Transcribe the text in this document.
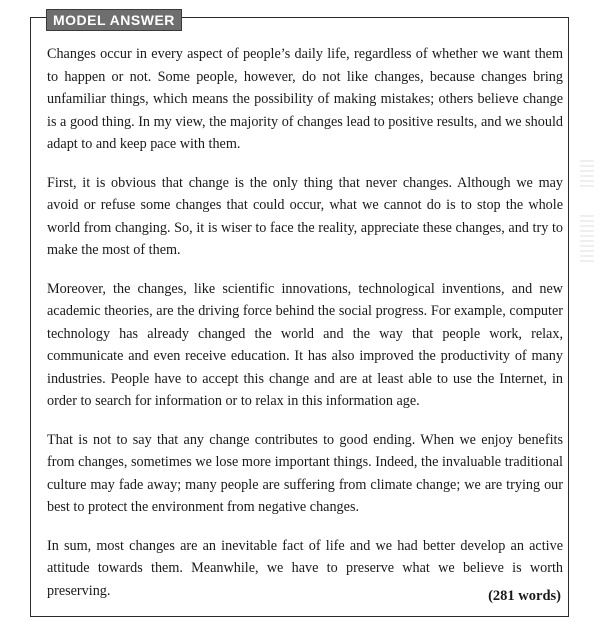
MODEL ANSWER

Changes occur in every aspect of people’s daily life, regardless of whether we want them to happen or not. Some people, however, do not like changes, because changes bring unfamiliar things, which means the possibility of making mistakes; others believe change is a good thing. In my view, the majority of changes lead to positive results, and we should adapt to and keep pace with them.

First, it is obvious that change is the only thing that never changes. Although we may avoid or refuse some changes that could occur, what we cannot do is to stop the whole world from changing. So, it is wiser to face the reality, appreciate these changes, and try to make the most of them.

Moreover, the changes, like scientific innovations, technological inventions, and new academic theories, are the driving force behind the social progress. For example, computer technology has already changed the world and the way that people work, relax, communicate and even receive education. It has also improved the productivity of many industries. People have to accept this change and are at least able to use the Internet, in order to search for information or to relax in this information age.

That is not to say that any change contributes to good ending. When we enjoy benefits from changes, sometimes we lose more important things. Indeed, the invaluable traditional culture may fade away; many people are suffering from climate change; we are trying our best to protect the environment from negative changes.

In sum, most changes are an inevitable fact of life and we had better develop an active attitude towards them. Meanwhile, we have to preserve what we believe is worth preserving.	(281 words)
